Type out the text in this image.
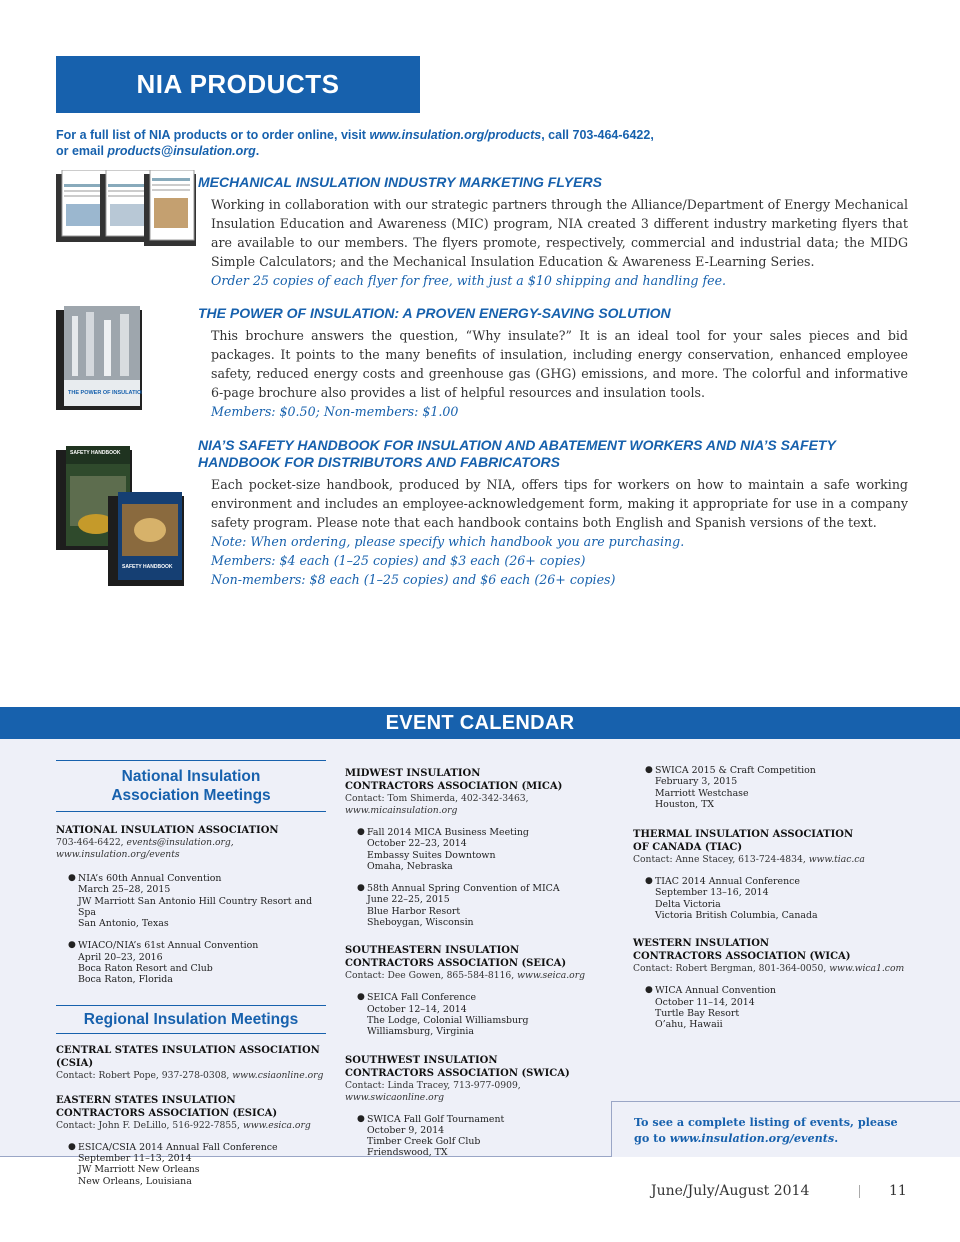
NIA PRODUCTS
For a full list of NIA products or to order online, visit www.insulation.org/products, call 703-464-6422,
or email products@insulation.org.
MECHANICAL INSULATION INDUSTRY MARKETING FLYERS
Working in collaboration with our strategic partners through the Alliance/Department of Energy Mechanical Insulation Education and Awareness (MIC) program, NIA created 3 different industry marketing flyers that are available to our members. The flyers promote, respectively, commercial and industrial data; the MIDG Simple Calculators; and the Mechanical Insulation Education & Awareness E-Learning Series.
Order 25 copies of each flyer for free, with just a $10 shipping and handling fee.
THE POWER OF INSULATION
THE POWER OF INSULATION: A PROVEN ENERGY-SAVING SOLUTION
This brochure answers the question, “Why insulate?” It is an ideal tool for your sales pieces and bid packages. It points to the many benefits of insulation, including energy conservation, enhanced employee safety, reduced energy costs and greenhouse gas (GHG) emissions, and more. The colorful and informative 6-page brochure also provides a list of helpful resources and insulation tools.
Members: $0.50; Non-members: $1.00
SAFETY HANDBOOK
SAFETY HANDBOOK
NIA’S SAFETY HANDBOOK FOR INSULATION AND ABATEMENT WORKERS AND NIA’S SAFETY HANDBOOK FOR DISTRIBUTORS AND FABRICATORS
Each pocket-size handbook, produced by NIA, offers tips for workers on how to maintain a safe working environment and includes an employee-acknowledgement form, making it appropriate for use in a company safety program. Please note that each handbook contains both English and Spanish versions of the text.
Note: When ordering, please specify which handbook you are purchasing.
Members: $4 each (1–25 copies) and $3 each (26+ copies)
Non-members: $8 each (1–25 copies) and $6 each (26+ copies)
EVENT CALENDAR
National Insulation Association Meetings
NATIONAL INSULATION ASSOCIATION
703-464-6422, events@insulation.org, www.insulation.org/events
● NIA’s 60th Annual Convention
March 25–28, 2015
JW Marriott San Antonio Hill Country Resort and Spa
San Antonio, Texas
● WIACO/NIA’s 61st Annual Convention
April 20–23, 2016
Boca Raton Resort and Club
Boca Raton, Florida
Regional Insulation Meetings
CENTRAL STATES INSULATION ASSOCIATION (CSIA)
Contact: Robert Pope, 937-278-0308, www.csiaonline.org
EASTERN STATES INSULATION
CONTRACTORS ASSOCIATION (ESICA)
Contact: John F. DeLillo, 516-922-7855, www.esica.org
● ESICA/CSIA 2014 Annual Fall Conference
September 11–13, 2014
JW Marriott New Orleans
New Orleans, Louisiana
MIDWEST INSULATION
CONTRACTORS ASSOCIATION (MICA)
Contact: Tom Shimerda, 402-342-3463, www.micainsulation.org
● Fall 2014 MICA Business Meeting
October 22–23, 2014
Embassy Suites Downtown
Omaha, Nebraska
● 58th Annual Spring Convention of MICA
June 22–25, 2015
Blue Harbor Resort
Sheboygan, Wisconsin
SOUTHEASTERN INSULATION
CONTRACTORS ASSOCIATION (SEICA)
Contact: Dee Gowen, 865-584-8116, www.seica.org
● SEICA Fall Conference
October 12–14, 2014
The Lodge, Colonial Williamsburg
Williamsburg, Virginia
SOUTHWEST INSULATION
CONTRACTORS ASSOCIATION (SWICA)
Contact: Linda Tracey, 713-977-0909, www.swicaonline.org
● SWICA Fall Golf Tournament
October 9, 2014
Timber Creek Golf Club
Friendswood, TX
● SWICA 2015 & Craft Competition
February 3, 2015
Marriott Westchase
Houston, TX
THERMAL INSULATION ASSOCIATION
OF CANADA (TIAC)
Contact: Anne Stacey, 613-724-4834, www.tiac.ca
● TIAC 2014 Annual Conference
September 13–16, 2014
Delta Victoria
Victoria British Columbia, Canada
WESTERN INSULATION
CONTRACTORS ASSOCIATION (WICA)
Contact: Robert Bergman, 801-364-0050, www.wica1.com
● WICA Annual Convention
October 11–14, 2014
Turtle Bay Resort
O’ahu, Hawaii
To see a complete listing of events, please
go to www.insulation.org/events.
June/July/August 2014	11
